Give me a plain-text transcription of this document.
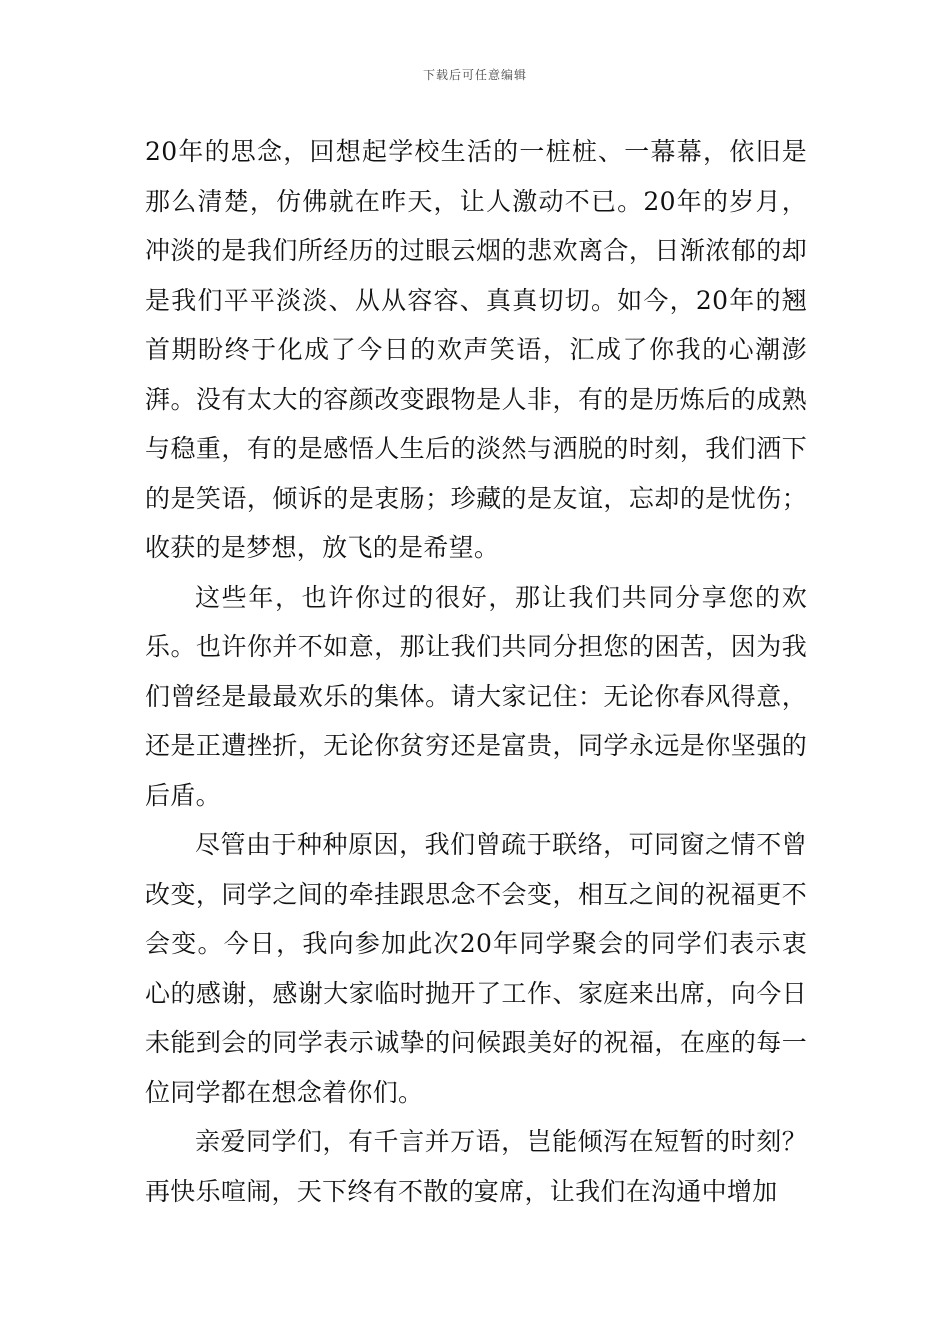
下载后可任意编辑

20年的思念，回想起学校生活的一桩桩、一幕幕，依旧是那么清楚，仿佛就在昨天，让人激动不已。20年的岁月，冲淡的是我们所经历的过眼云烟的悲欢离合，日渐浓郁的却是我们平平淡淡、从从容容、真真切切。如今，20年的翘首期盼终于化成了今日的欢声笑语，汇成了你我的心潮澎湃。没有太大的容颜改变跟物是人非，有的是历炼后的成熟与稳重，有的是感悟人生后的淡然与洒脱的时刻，我们洒下的是笑语，倾诉的是衷肠；珍藏的是友谊，忘却的是忧伤；收获的是梦想，放飞的是希望。

这些年，也许你过的很好，那让我们共同分享您的欢乐。也许你并不如意，那让我们共同分担您的困苦，因为我们曾经是最最欢乐的集体。请大家记住：无论你春风得意，还是正遭挫折，无论你贫穷还是富贵，同学永远是你坚强的后盾。

尽管由于种种原因，我们曾疏于联络，可同窗之情不曾改变，同学之间的牵挂跟思念不会变，相互之间的祝福更不会变。今日，我向参加此次20年同学聚会的同学们表示衷心的感谢，感谢大家临时抛开了工作、家庭来出席，向今日未能到会的同学表示诚挚的问候跟美好的祝福，在座的每一位同学都在想念着你们。

亲爱同学们，有千言并万语，岂能倾泻在短暂的时刻？再快乐喧闹，天下终有不散的宴席，让我们在沟通中增加
